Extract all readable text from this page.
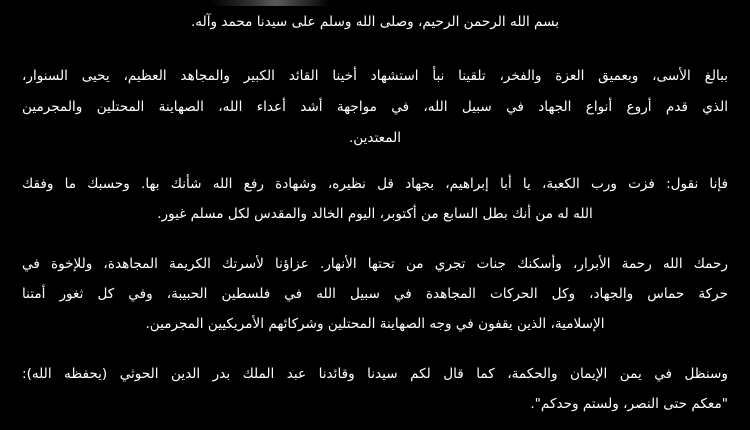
بسم الله الرحمن الرحيم، وصلى الله وسلم على سيدنا محمد وآله.
ببالغ الأسى، وبعميق العزة والفخر، تلقينا نبأ استشهاد أخينا القائد الكبير والمجاهد العظيم، يحيى السنوار،
الذي قدم أروع أنواع الجهاد في سبيل الله، في مواجهة أشد أعداء الله، الصهاينة المحتلين والمجرمين
المعتدين.
فإنا نقول: فزت ورب الكعبة، يا أبا إبراهيم، بجهاد قل نظيره، وشهادة رفع الله شأنك بها. وحسبك ما وفقك
الله له من أنك بطل السابع من أكتوبر، اليوم الخالد والمقدس لكل مسلم غيور.
رحمك الله رحمة الأبرار، وأسكنك جنات تجري من تحتها الأنهار. عزاؤنا لأسرتك الكريمة المجاهدة، وللإخوة في
حركة حماس والجهاد، وكل الحركات المجاهدة في سبيل الله في فلسطين الحبيبة، وفي كل ثغور أمتنا
الإسلامية، الذين يقفون في وجه الصهاينة المحتلين وشركائهم الأمريكيين المجرمين.
وسنظل في يمن الإيمان والحكمة، كما قال لكم سيدنا وقائدنا عبد الملك بدر الدين الحوثي (يحفظه الله):
"معكم حتى النصر، ولستم وحدكم".
